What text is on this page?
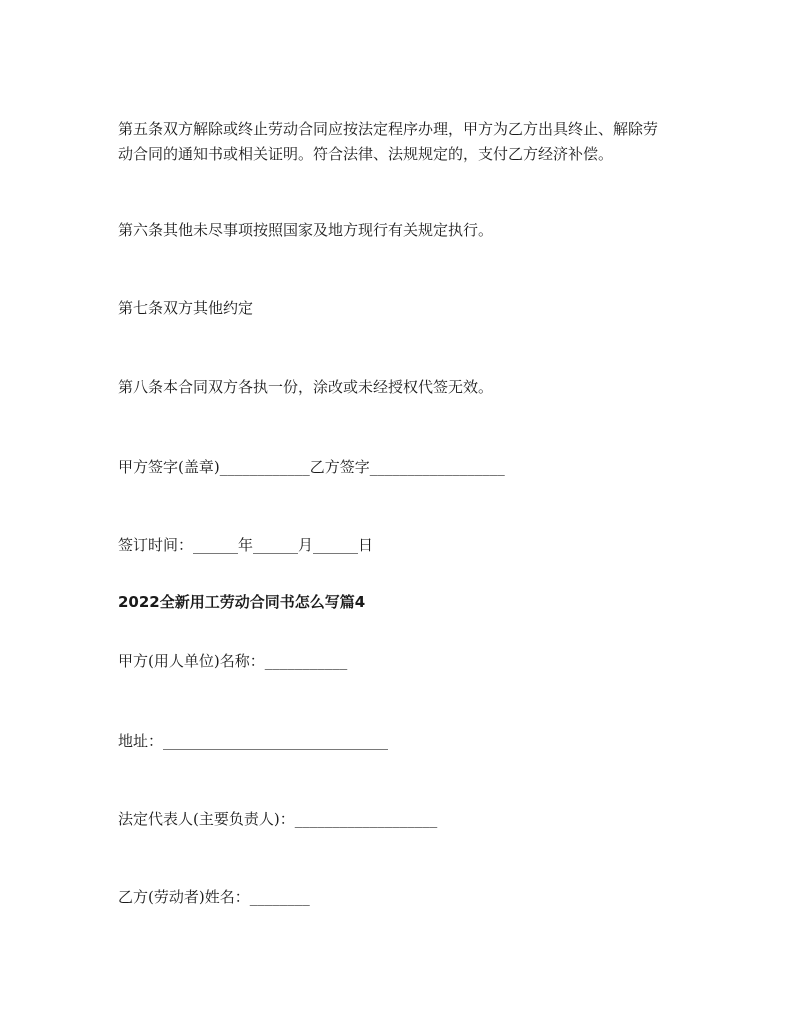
第五条双方解除或终止劳动合同应按法定程序办理，甲方为乙方出具终止、解除劳
动合同的通知书或相关证明。符合法律、法规规定的，支付乙方经济补偿。
第六条其他未尽事项按照国家及地方现行有关规定执行。
第七条双方其他约定
第八条本合同双方各执一份，涂改或未经授权代签无效。
甲方签字(盖章)____________乙方签字__________________
签订时间：______年______月______日
2022全新用工劳动合同书怎么写篇4
甲方(用人单位)名称：___________
地址：______________________________
法定代表人(主要负责人)：___________________
乙方(劳动者)姓名：________
